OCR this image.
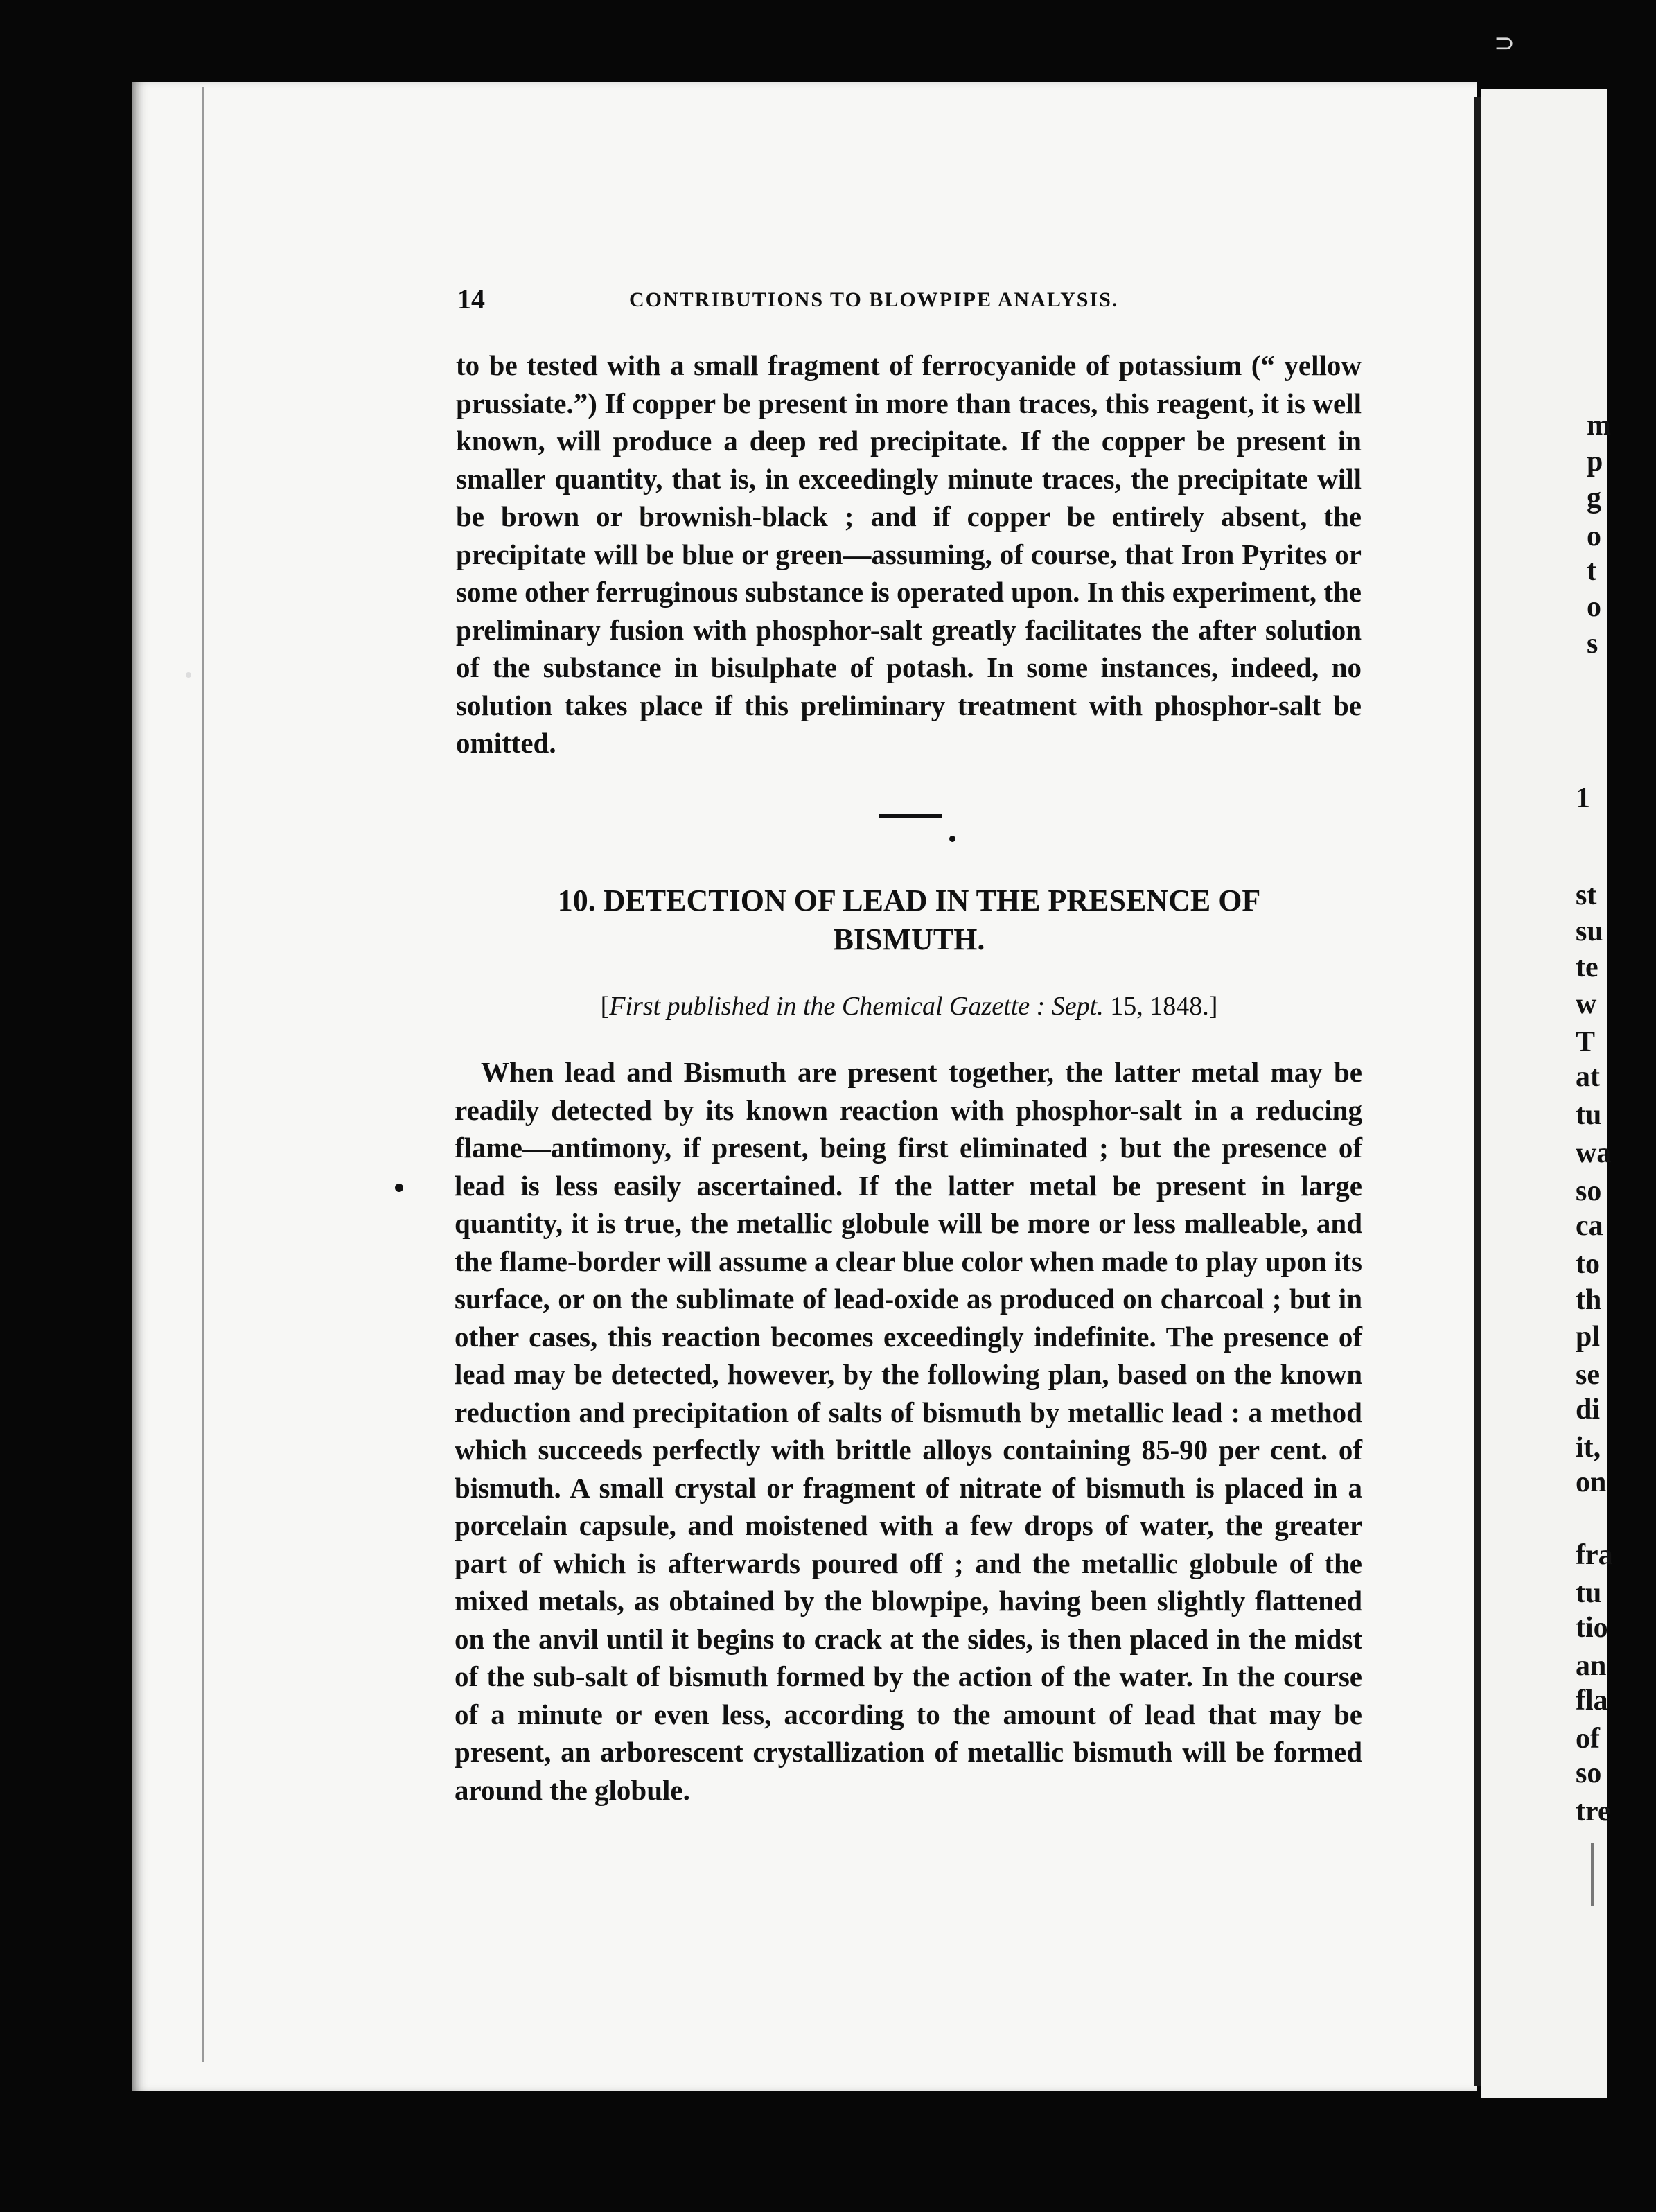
⊃
14	CONTRIBUTIONS TO BLOWPIPE ANALYSIS.
to be tested with a small fragment of ferrocyanide of potassium (“ yellow prussiate.”) If copper be present in more than traces, this reagent, it is well known, will produce a deep red precipitate. If the copper be present in smaller quantity, that is, in exceedingly minute traces, the precipitate will be brown or brownish-black ; and if copper be entirely absent, the precipitate will be blue or green—assuming, of course, that Iron Pyrites or some other ferruginous substance is operated upon. In this experiment, the preliminary fusion with phosphor-salt greatly facilitates the after solution of the substance in bisulphate of potash. In some instances, indeed, no solution takes place if this preliminary treatment with phosphor-salt be omitted.
10. DETECTION OF LEAD IN THE PRESENCE OF
BISMUTH.
[First published in the Chemical Gazette : Sept. 15, 1848.]
When lead and Bismuth are present together, the latter metal may be readily detected by its known reaction with phosphor-salt in a reducing flame—antimony, if present, being first eliminated ; but the presence of lead is less easily ascertained. If the latter metal be present in large quantity, it is true, the metallic globule will be more or less malleable, and the flame-border will assume a clear blue color when made to play upon its surface, or on the sublimate of lead-oxide as produced on charcoal ; but in other cases, this reaction becomes exceedingly indefinite. The presence of lead may be detected, however, by the following plan, based on the known reduction and precipitation of salts of bismuth by metallic lead : a method which succeeds perfectly with brittle alloys containing 85-90 per cent. of bismuth. A small crystal or fragment of nitrate of bismuth is placed in a porcelain capsule, and moistened with a few drops of water, the greater part of which is afterwards poured off ; and the metallic globule of the mixed metals, as obtained by the blowpipe, having been slightly flattened on the anvil until it begins to crack at the sides, is then placed in the midst of the sub-salt of bismuth formed by the action of the water. In the course of a minute or even less, according to the amount of lead that may be present, an arborescent crystallization of metallic bismuth will be formed around the globule.
m
p
g
o
t
o
s
1
st
su
te
w
T
at
tu
wa
so
ca
to
th
pl
se
di
it,
on
fra
tu
tio
an
fla
of
so
tre
